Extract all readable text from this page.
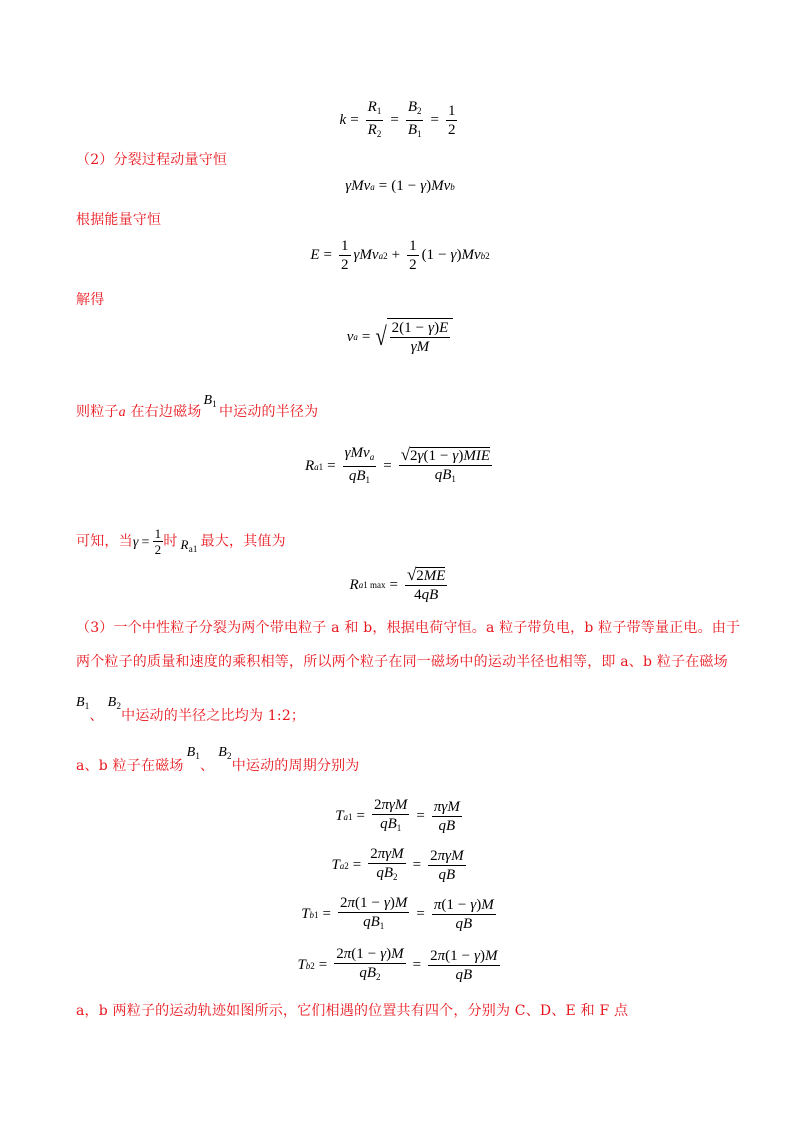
$k = \frac{R_1}{R_2} = \frac{B_2}{B_1} = \frac{1}{2}$
（2）分裂过程动量守恒
γMv a = (1 − γ ) Mv b
根据能量守恒
$E = \frac{1}{2}$ γMv a $2 + \frac{1}{2} (1 - \gamma$ ) Mv b 2
解得
v a = √ $\frac{2(1 - \gamma)E}{\gamma M}$
则粒子a 在右边磁场$B_1$ 中运动的半径为
R $a1 = \frac{\gamma Mv_a}{qB_1} = \frac{\text{√2γ(1 − γ)MIE}}{qB_1}$
可知，当$\gamma = \frac{1}{2}$ 时 $R_{a1}$ 最大，其值为
R a1 $\max = \frac{√2ME}{4qB}$
（3）一个中性粒子分裂为两个带电粒子 a 和 b，根据电荷守恒。a 粒子带负电，b 粒子带等量正电。由于
两个粒子的质量和速度的乘积相等，所以两个粒子在同一磁场中的运动半径也相等，即 a、b 粒子在磁场
$B_1$、$B_2$中运动的半径之比均为 1:2；
a、b 粒子在磁场$B_1$、$B_2$中运动的周期分别为
T $a1 = \frac{\text{2πγM}}{qB_1} = \frac{\text{πγM}}{qB}$
T $a2 = \frac{\text{2πγM}}{qB_2} = \frac{\text{2πγM}}{qB}$
T $b1 = \frac{2\pi(1 - \gamma)M}{qB_1} = \frac{\pi(1 - \gamma)M}{qB}$
T $b2 = \frac{2\pi(1 - \gamma)M}{qB_2} = \frac{2\pi(1 - \gamma)M}{qB}$
a，b 两粒子的运动轨迹如图所示，它们相遇的位置共有四个，分别为 C、D、E 和 F 点
